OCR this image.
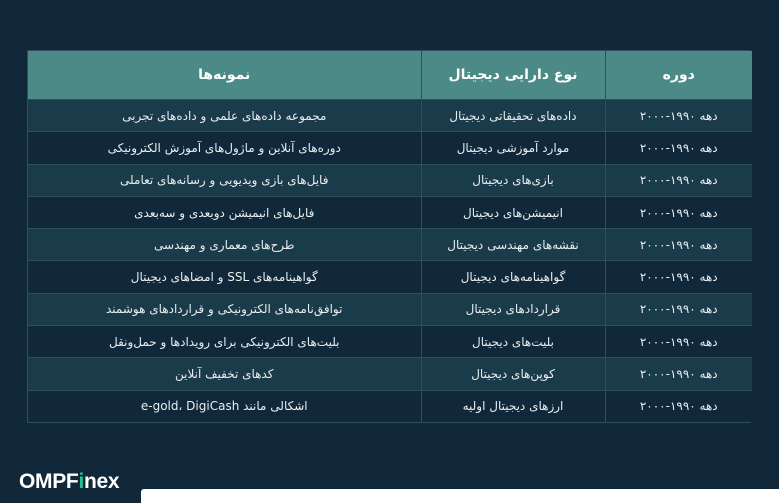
دوره	نوع دارایی دیجیتال	نمونه‌ها
دهه ۱۹۹۰-۲۰۰۰	داده‌های تحقیقاتی دیجیتال	مجموعه داده‌های علمی و داده‌های تجربی
دهه ۱۹۹۰-۲۰۰۰	موارد آموزشی دیجیتال	دوره‌های آنلاین و ماژول‌های آموزش الکترونیکی
دهه ۱۹۹۰-۲۰۰۰	بازی‌های دیجیتال	فایل‌های بازی ویدیویی و رسانه‌های تعاملی
دهه ۱۹۹۰-۲۰۰۰	انیمیشن‌های دیجیتال	فایل‌های انیمیشن دوبعدی و سه‌بعدی
دهه ۱۹۹۰-۲۰۰۰	نقشه‌های مهندسی دیجیتال	طرح‌های معماری و مهندسی
دهه ۱۹۹۰-۲۰۰۰	گواهینامه‌های دیجیتال	گواهینامه‌های SSL و امضاهای دیجیتال
دهه ۱۹۹۰-۲۰۰۰	قراردادهای دیجیتال	توافق‌نامه‌های الکترونیکی و قراردادهای هوشمند
دهه ۱۹۹۰-۲۰۰۰	بلیت‌های دیجیتال	بلیت‌های الکترونیکی برای رویدادها و حمل‌ونقل
دهه ۱۹۹۰-۲۰۰۰	کوپن‌های دیجیتال	کدهای تخفیف آنلاین
دهه ۱۹۹۰-۲۰۰۰	ارزهای دیجیتال اولیه	اشکالی مانند e-gold، DigiCash
OMPFinex
